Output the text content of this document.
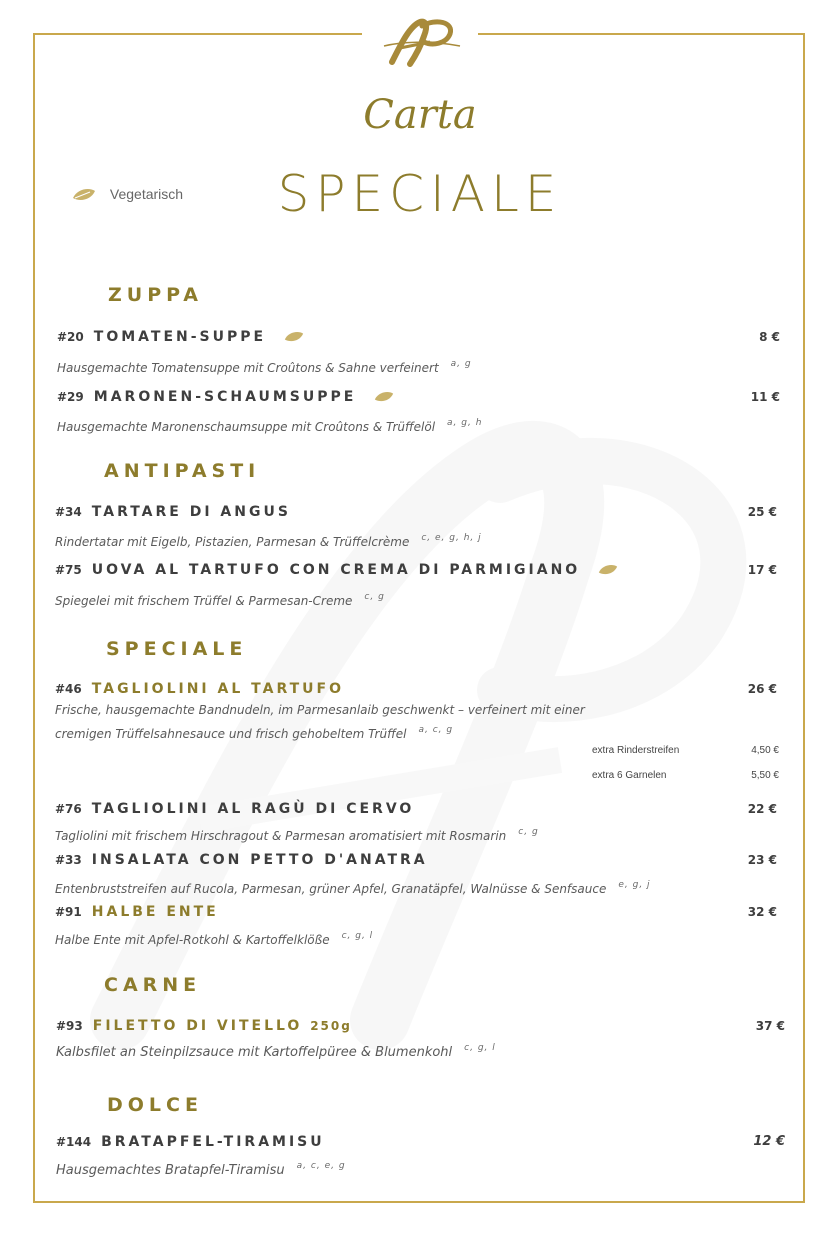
Carta
SPECIALE
Vegetarisch
ZUPPA
#20 TOMATEN-SUPPE	8 €
Hausgemachte Tomatensuppe mit Croûtons & Sahne verfeinert $^{a, g}$
#29 MARONEN-SCHAUMSUPPE	11 €
Hausgemachte Maronenschaumsuppe mit Croûtons & Trüffelöl $^{a, g, h}$
ANTIPASTI
#34 TARTARE DI ANGUS	25 €
Rindertatar mit Eigelb, Pistazien, Parmesan & Trüffelcrème $^{c, e, g, h, j}$
#75 UOVA AL TARTUFO CON CREMA DI PARMIGIANO	17 €
Spiegelei mit frischem Trüffel & Parmesan-Creme $^{c, g}$
SPECIALE
#46 TAGLIOLINI AL TARTUFO	26 €
Frische, hausgemachte Bandnudeln, im Parmesanlaib geschwenkt – verfeinert mit einer
cremigen Trüffelsahnesauce und frisch gehobeltem Trüffel $^{a, c, g}$
extra Rinderstreifen	4,50 €
extra 6 Garnelen	5,50 €
#76 TAGLIOLINI AL RAGÙ DI CERVO	22 €
Tagliolini mit frischem Hirschragout & Parmesan aromatisiert mit Rosmarin $^{c, g}$
#33 INSALATA CON PETTO D'ANATRA	23 €
Entenbruststreifen auf Rucola, Parmesan, grüner Apfel, Granatäpfel, Walnüsse & Senfsauce $^{e, g, j}$
#91 HALBE ENTE	32 €
Halbe Ente mit Apfel-Rotkohl & Kartoffelklöße $^{c, g, l}$
CARNE
#93 FILETTO DI VITELLO 250g	37 €
Kalbsfilet an Steinpilzsauce mit Kartoffelpüree & Blumenkohl $^{c, g, l}$
DOLCE
#144 BRATAPFEL-TIRAMISU	12 €
Hausgemachtes Bratapfel-Tiramisu $^{a, c, e, g}$
